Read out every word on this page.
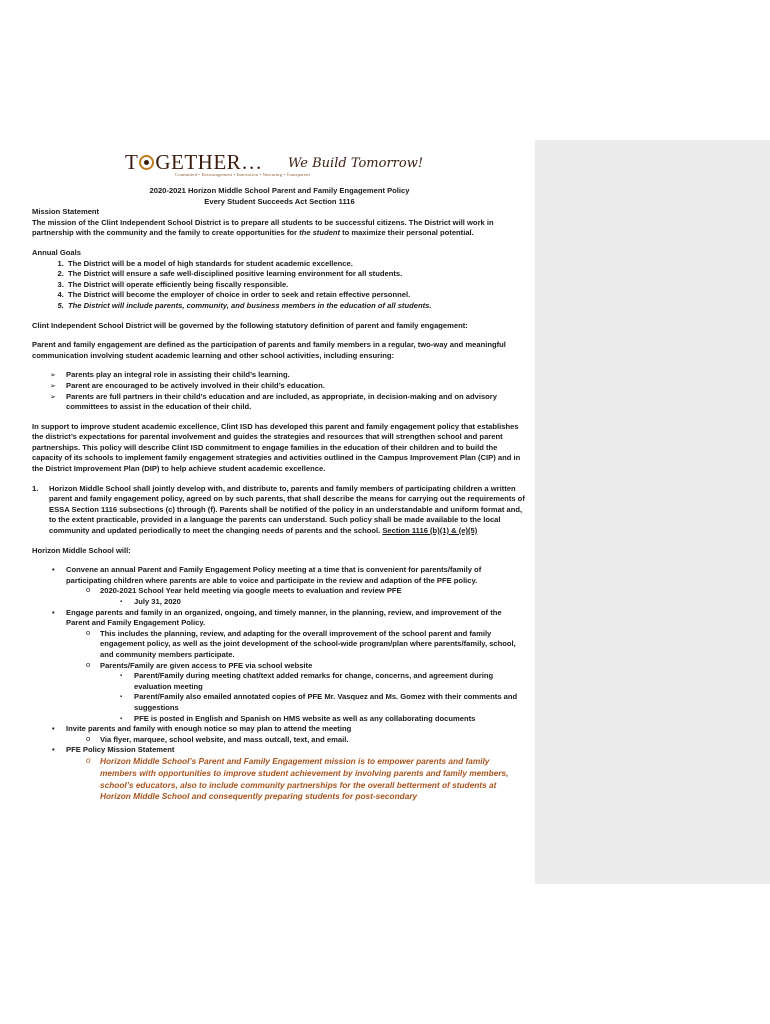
T GETHER… We Build Tomorrow!
Committed • Encouragement • Innovation • Nurturing • Transparent

2020-2021 Horizon Middle School Parent and Family Engagement Policy

Every Student Succeeds Act Section 1116

Mission Statement

The mission of the Clint Independent School District is to prepare all students to be successful citizens. The District will work in partnership with the community and the family to create opportunities for the student to maximize their personal potential.

Annual Goals

1. The District will be a model of high standards for student academic excellence.
2. The District will ensure a safe well-disciplined positive learning environment for all students.
3. The District will operate efficiently being fiscally responsible.
4. The District will become the employer of choice in order to seek and retain effective personnel.
5. The District will include parents, community, and business members in the education of all students.

Clint Independent School District will be governed by the following statutory definition of parent and family engagement:

Parent and family engagement are defined as the participation of parents and family members in a regular, two-way and meaningful communication involving student academic learning and other school activities, including ensuring:

➢ Parents play an integral role in assisting their child’s learning.
➢ Parent are encouraged to be actively involved in their child’s education.
➢ Parents are full partners in their child’s education and are included, as appropriate, in decision-making and on advisory committees to assist in the education of their child.

In support to improve student academic excellence, Clint ISD has developed this parent and family engagement policy that establishes the district’s expectations for parental involvement and guides the strategies and resources that will strengthen school and parent partnerships. This policy will describe Clint ISD commitment to engage families in the education of their children and to build the capacity of its schools to implement family engagement strategies and activities outlined in the Campus Improvement Plan (CIP) and in the District Improvement Plan (DIP) to help achieve student academic excellence.

1. Horizon Middle School shall jointly develop with, and distribute to, parents and family members of participating children a written parent and family engagement policy, agreed on by such parents, that shall describe the means for carrying out the requirements of ESSA Section 1116 subsections (c) through (f). Parents shall be notified of the policy in an understandable and uniform format and, to the extent practicable, provided in a language the parents can understand. Such policy shall be made available to the local community and updated periodically to meet the changing needs of parents and the school. Section 1116 (b)(1) & (e)(5)

Horizon Middle School will:

• Convene an annual Parent and Family Engagement Policy meeting at a time that is convenient for parents/family of participating children where parents are able to voice and participate in the review and adaption of the PFE policy.
o 2020-2021 School Year held meeting via google meets to evaluation and review PFE
▪ July 31, 2020
• Engage parents and family in an organized, ongoing, and timely manner, in the planning, review, and improvement of the Parent and Family Engagement Policy.
o This includes the planning, review, and adapting for the overall improvement of the school parent and family engagement policy, as well as the joint development of the school-wide program/plan where parents/family, school, and community members participate.
o Parents/Family are given access to PFE via school website
▪ Parent/Family during meeting chat/text added remarks for change, concerns, and agreement during evaluation meeting
▪ Parent/Family also emailed annotated copies of PFE Mr. Vasquez and Ms. Gomez with their comments and suggestions
▪ PFE is posted in English and Spanish on HMS website as well as any collaborating documents
• Invite parents and family with enough notice so may plan to attend the meeting
o Via flyer, marquee, school website, and mass outcall, text, and email.
• PFE Policy Mission Statement
o Horizon Middle School’s Parent and Family Engagement mission is to empower parents and family members with opportunities to improve student achievement by involving parents and family members, school’s educators, also to include community partnerships for the overall betterment of students at Horizon Middle School and consequently preparing students for post-secondary
